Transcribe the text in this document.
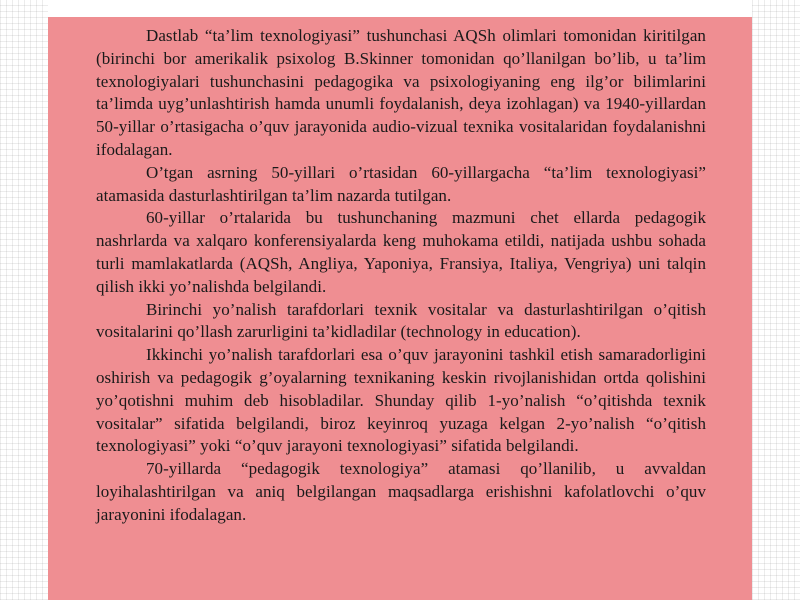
Dastlab “ta’lim texnologiyasi” tushunchasi AQSh olimlari tomonidan kiritilgan (birinchi bor amerikalik psixolog B.Skinner tomonidan qo’llanilgan bo’lib, u ta’lim texnologiyalari tushunchasini pedagogika va psixologiyaning eng ilg’or bilimlarini ta’limda uyg’unlashtirish hamda unumli foydalanish, deya izohlagan) va 1940-yillardan 50-yillar o’rtasigacha o’quv jarayonida audio-vizual texnika vositalaridan foydalanishni ifodalagan.

O’tgan asrning 50-yillari o’rtasidan 60-yillargacha “ta’lim texnologiyasi” atamasida dasturlashtirilgan ta’lim nazarda tutilgan.

60-yillar o’rtalarida bu tushunchaning mazmuni chet ellarda pedagogik nashrlarda va xalqaro konferensiyalarda keng muhokama etildi, natijada ushbu sohada turli mamlakatlarda (AQSh, Angliya, Yaponiya, Fransiya, Italiya, Vengriya) uni talqin qilish ikki yo’nalishda belgilandi.

Birinchi yo’nalish tarafdorlari texnik vositalar va dasturlashtirilgan o’qitish vositalarini qo’llash zarurligini ta’kidladilar (technology in education).

Ikkinchi yo’nalish tarafdorlari esa o’quv jarayonini tashkil etish samaradorligini oshirish va pedagogik g’oyalarning texnikaning keskin rivojlanishidan ortda qolishini yo’qotishni muhim deb hisobladilar. Shunday qilib 1-yo’nalish “o’qitishda texnik vositalar” sifatida belgilandi, biroz keyinroq yuzaga kelgan 2-yo’nalish “o’qitish texnologiyasi” yoki “o’quv jarayoni texnologiyasi” sifatida belgilandi.

70-yillarda “pedagogik texnologiya” atamasi qo’llanilib, u avvaldan loyihalashtirilgan va aniq belgilangan maqsadlarga erishishni kafolatlovchi o’quv jarayonini ifodalagan.
